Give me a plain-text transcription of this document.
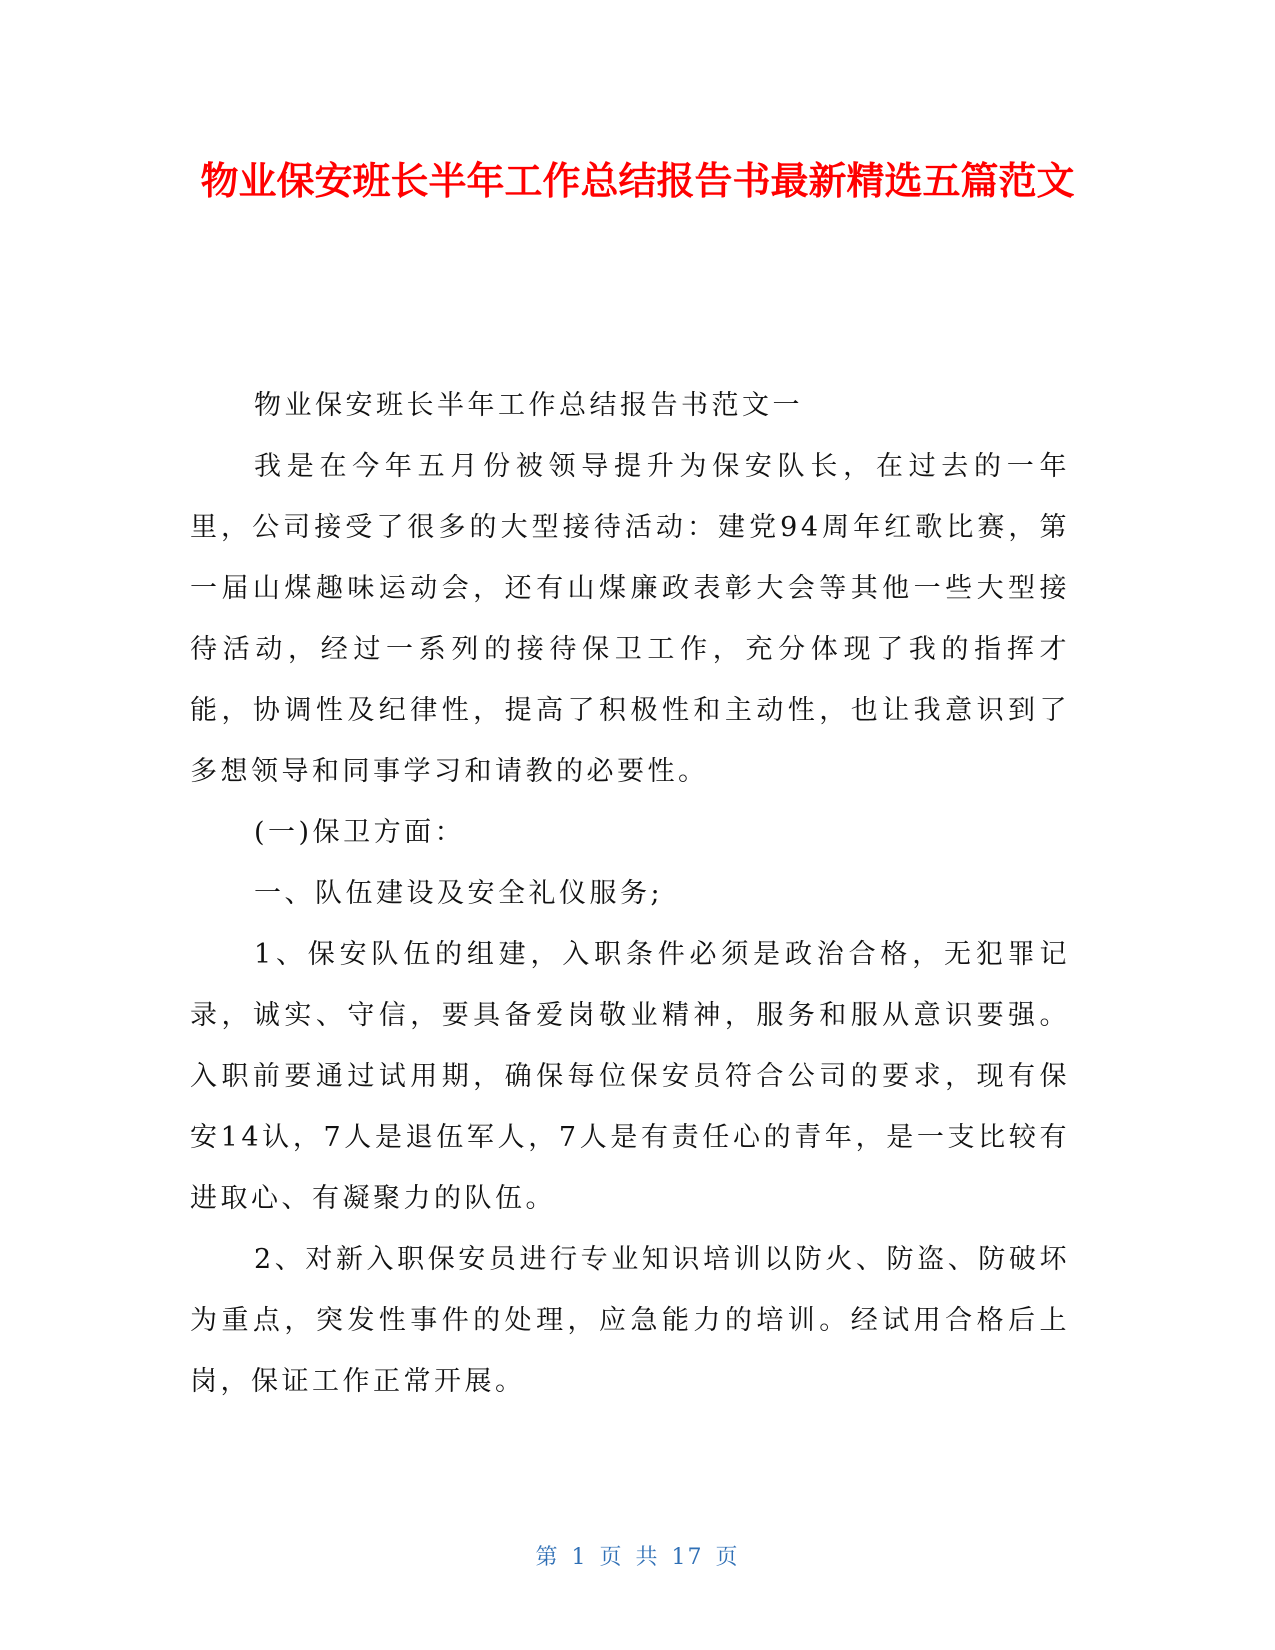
物业保安班长半年工作总结报告书最新精选五篇范文

物业保安班长半年工作总结报告书范文一

我是在今年五月份被领导提升为保安队长，在过去的一年里，公司接受了很多的大型接待活动：建党94周年红歌比赛，第一届山煤趣味运动会，还有山煤廉政表彰大会等其他一些大型接待活动，经过一系列的接待保卫工作，充分体现了我的指挥才能，协调性及纪律性，提高了积极性和主动性，也让我意识到了多想领导和同事学习和请教的必要性。

(一)保卫方面：

一、队伍建设及安全礼仪服务;

1、保安队伍的组建，入职条件必须是政治合格，无犯罪记录，诚实、守信，要具备爱岗敬业精神，服务和服从意识要强。入职前要通过试用期，确保每位保安员符合公司的要求，现有保安14认，7人是退伍军人，7人是有责任心的青年，是一支比较有进取心、有凝聚力的队伍。

2、对新入职保安员进行专业知识培训以防火、防盗、防破坏为重点，突发性事件的处理，应急能力的培训。经试用合格后上岗，保证工作正常开展。

第 1 页 共 17 页
